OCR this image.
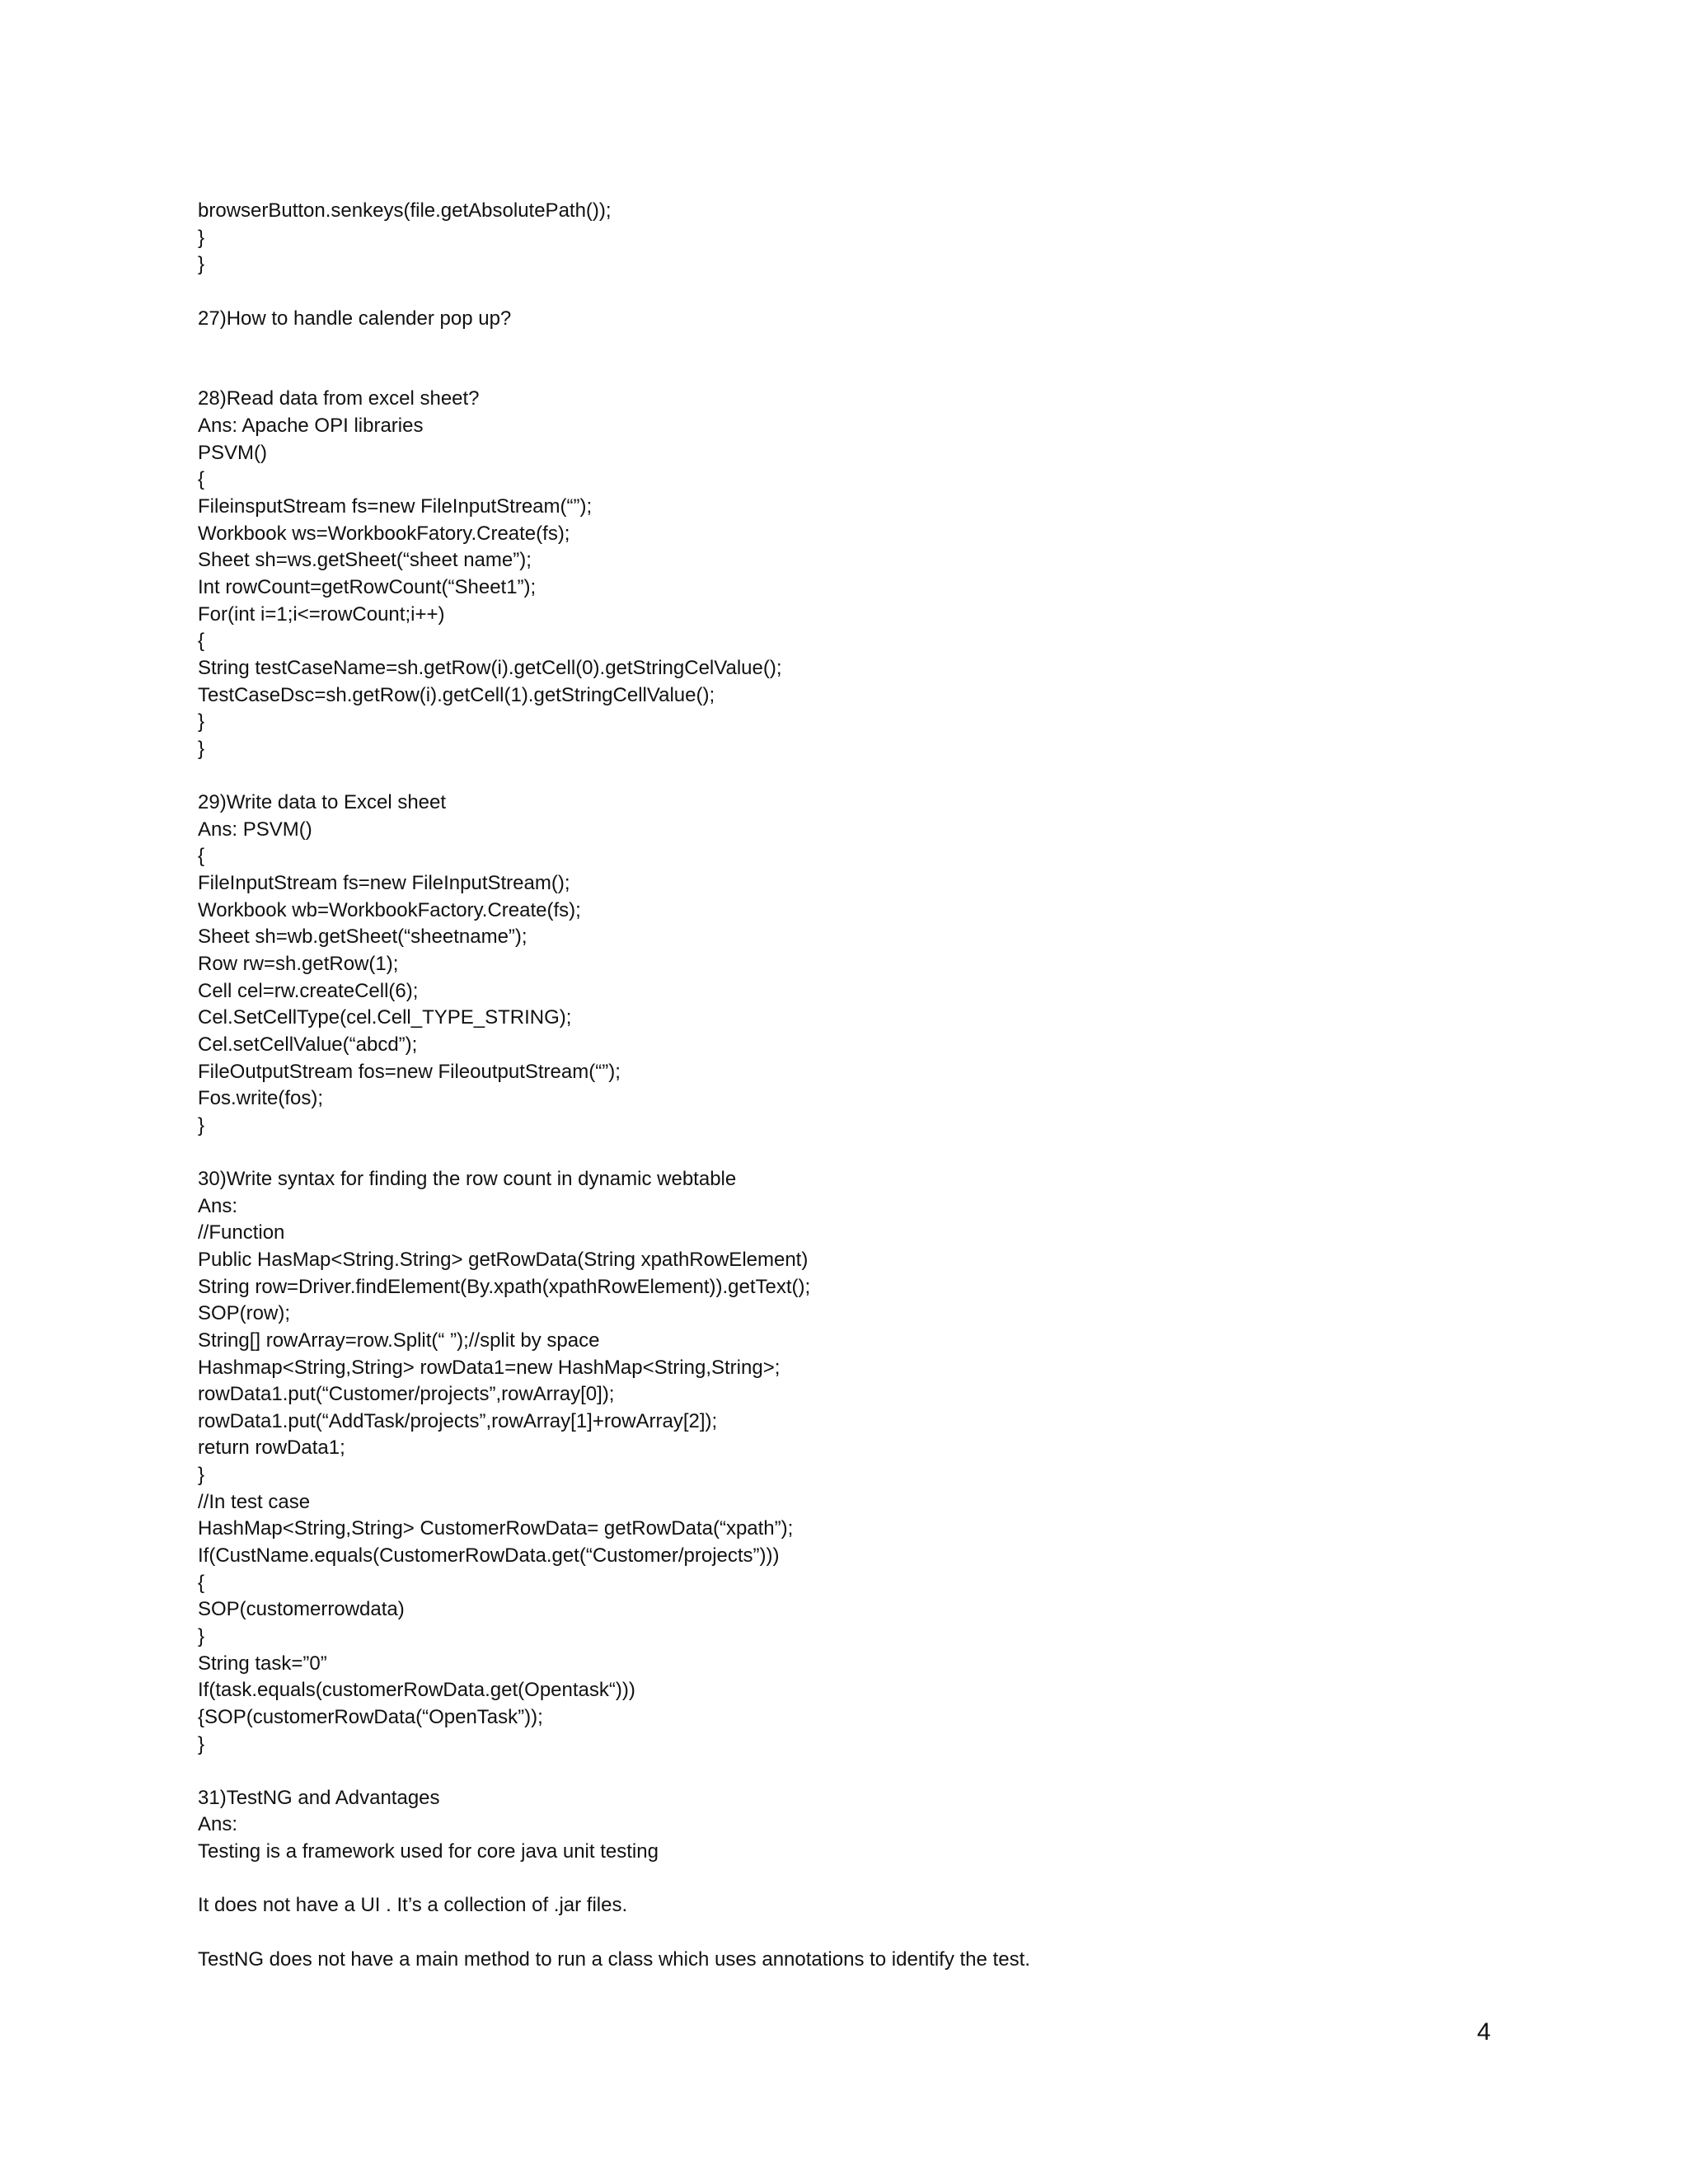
browserButton.senkeys(file.getAbsolutePath());
}
}
27)How to handle calender pop up?
28)Read data from excel sheet?
Ans: Apache OPI libraries
PSVM()
{
FileinsputStream fs=new FileInputStream(“”);
Workbook ws=WorkbookFatory.Create(fs);
Sheet sh=ws.getSheet(“sheet name”);
Int rowCount=getRowCount(“Sheet1”);
For(int i=1;i<=rowCount;i++)
{
String testCaseName=sh.getRow(i).getCell(0).getStringCelValue();
TestCaseDsc=sh.getRow(i).getCell(1).getStringCellValue();
}
}
29)Write data to Excel sheet
Ans: PSVM()
{
FileInputStream fs=new FileInputStream();
Workbook wb=WorkbookFactory.Create(fs);
Sheet sh=wb.getSheet(“sheetname”);
Row rw=sh.getRow(1);
Cell cel=rw.createCell(6);
Cel.SetCellType(cel.Cell_TYPE_STRING);
Cel.setCellValue(“abcd”);
FileOutputStream fos=new FileoutputStream(“”);
Fos.write(fos);
}
30)Write syntax for finding the row count in dynamic webtable
Ans:
//Function
Public HasMap<String.String> getRowData(String xpathRowElement)
String row=Driver.findElement(By.xpath(xpathRowElement)).getText();
SOP(row);
String[] rowArray=row.Split(“ ”);//split by space
Hashmap<String,String> rowData1=new HashMap<String,String>;
rowData1.put(“Customer/projects”,rowArray[0]);
rowData1.put(“AddTask/projects”,rowArray[1]+rowArray[2]);
return rowData1;
}
//In test case
HashMap<String,String> CustomerRowData= getRowData(“xpath”);
If(CustName.equals(CustomerRowData.get(“Customer/projects”)))
{
SOP(customerrowdata)
}
String task=”0”
If(task.equals(customerRowData.get(Opentask“)))
{SOP(customerRowData(“OpenTask”));
}
31)TestNG and Advantages
Ans:
Testing is a framework used for core java unit testing
It does not have a UI . It’s a collection of .jar files.
TestNG does not have a main method to run a class which uses annotations to identify the test.
4
